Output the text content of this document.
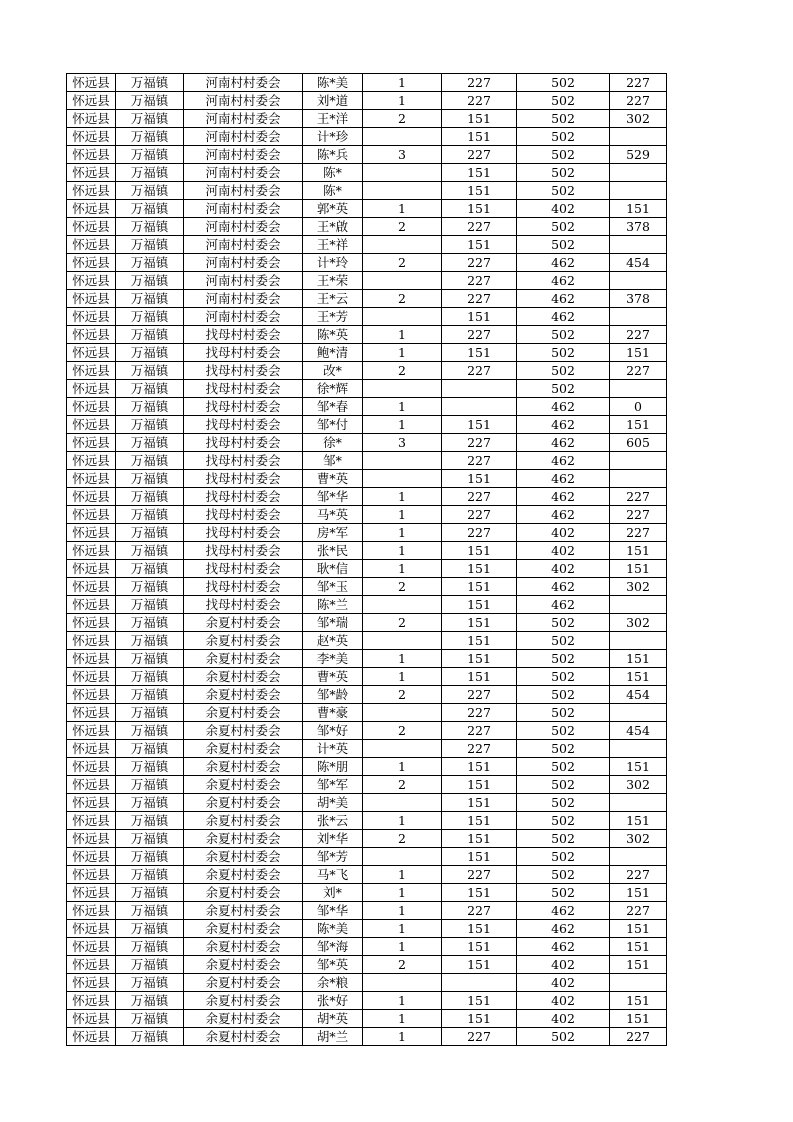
怀远县	万福镇	河南村村委会	陈*美	1	227	502	227
怀远县	万福镇	河南村村委会	刘*道	1	227	502	227
怀远县	万福镇	河南村村委会	王*洋	2	151	502	302
怀远县	万福镇	河南村村委会	计*珍		151	502	
怀远县	万福镇	河南村村委会	陈*兵	3	227	502	529
怀远县	万福镇	河南村村委会	陈*		151	502	
怀远县	万福镇	河南村村委会	陈*		151	502	
怀远县	万福镇	河南村村委会	郭*英	1	151	402	151
怀远县	万福镇	河南村村委会	王*啟	2	227	502	378
怀远县	万福镇	河南村村委会	王*祥		151	502	
怀远县	万福镇	河南村村委会	计*玲	2	227	462	454
怀远县	万福镇	河南村村委会	王*荣		227	462	
怀远县	万福镇	河南村村委会	王*云	2	227	462	378
怀远县	万福镇	河南村村委会	王*芳		151	462	
怀远县	万福镇	找母村村委会	陈*英	1	227	502	227
怀远县	万福镇	找母村村委会	鲍*清	1	151	502	151
怀远县	万福镇	找母村村委会	改*	2	227	502	227
怀远县	万福镇	找母村村委会	徐*辉			502	
怀远县	万福镇	找母村村委会	邹*春	1		462	0
怀远县	万福镇	找母村村委会	邹*付	1	151	462	151
怀远县	万福镇	找母村村委会	徐*	3	227	462	605
怀远县	万福镇	找母村村委会	邹*		227	462	
怀远县	万福镇	找母村村委会	曹*英		151	462	
怀远县	万福镇	找母村村委会	邹*华	1	227	462	227
怀远县	万福镇	找母村村委会	马*英	1	227	462	227
怀远县	万福镇	找母村村委会	房*军	1	227	402	227
怀远县	万福镇	找母村村委会	张*民	1	151	402	151
怀远县	万福镇	找母村村委会	耿*信	1	151	402	151
怀远县	万福镇	找母村村委会	邹*玉	2	151	462	302
怀远县	万福镇	找母村村委会	陈*兰		151	462	
怀远县	万福镇	余夏村村委会	邹*瑞	2	151	502	302
怀远县	万福镇	余夏村村委会	赵*英		151	502	
怀远县	万福镇	余夏村村委会	李*美	1	151	502	151
怀远县	万福镇	余夏村村委会	曹*英	1	151	502	151
怀远县	万福镇	余夏村村委会	邹*龄	2	227	502	454
怀远县	万福镇	余夏村村委会	曹*豪		227	502	
怀远县	万福镇	余夏村村委会	邹*好	2	227	502	454
怀远县	万福镇	余夏村村委会	计*英		227	502	
怀远县	万福镇	余夏村村委会	陈*朋	1	151	502	151
怀远县	万福镇	余夏村村委会	邹*军	2	151	502	302
怀远县	万福镇	余夏村村委会	胡*美		151	502	
怀远县	万福镇	余夏村村委会	张*云	1	151	502	151
怀远县	万福镇	余夏村村委会	刘*华	2	151	502	302
怀远县	万福镇	余夏村村委会	邹*芳		151	502	
怀远县	万福镇	余夏村村委会	马*飞	1	227	502	227
怀远县	万福镇	余夏村村委会	刘*	1	151	502	151
怀远县	万福镇	余夏村村委会	邹*华	1	227	462	227
怀远县	万福镇	余夏村村委会	陈*美	1	151	462	151
怀远县	万福镇	余夏村村委会	邹*海	1	151	462	151
怀远县	万福镇	余夏村村委会	邹*英	2	151	402	151
怀远县	万福镇	余夏村村委会	余*粮			402	
怀远县	万福镇	余夏村村委会	张*好	1	151	402	151
怀远县	万福镇	余夏村村委会	胡*英	1	151	402	151
怀远县	万福镇	余夏村村委会	胡*兰	1	227	502	227
